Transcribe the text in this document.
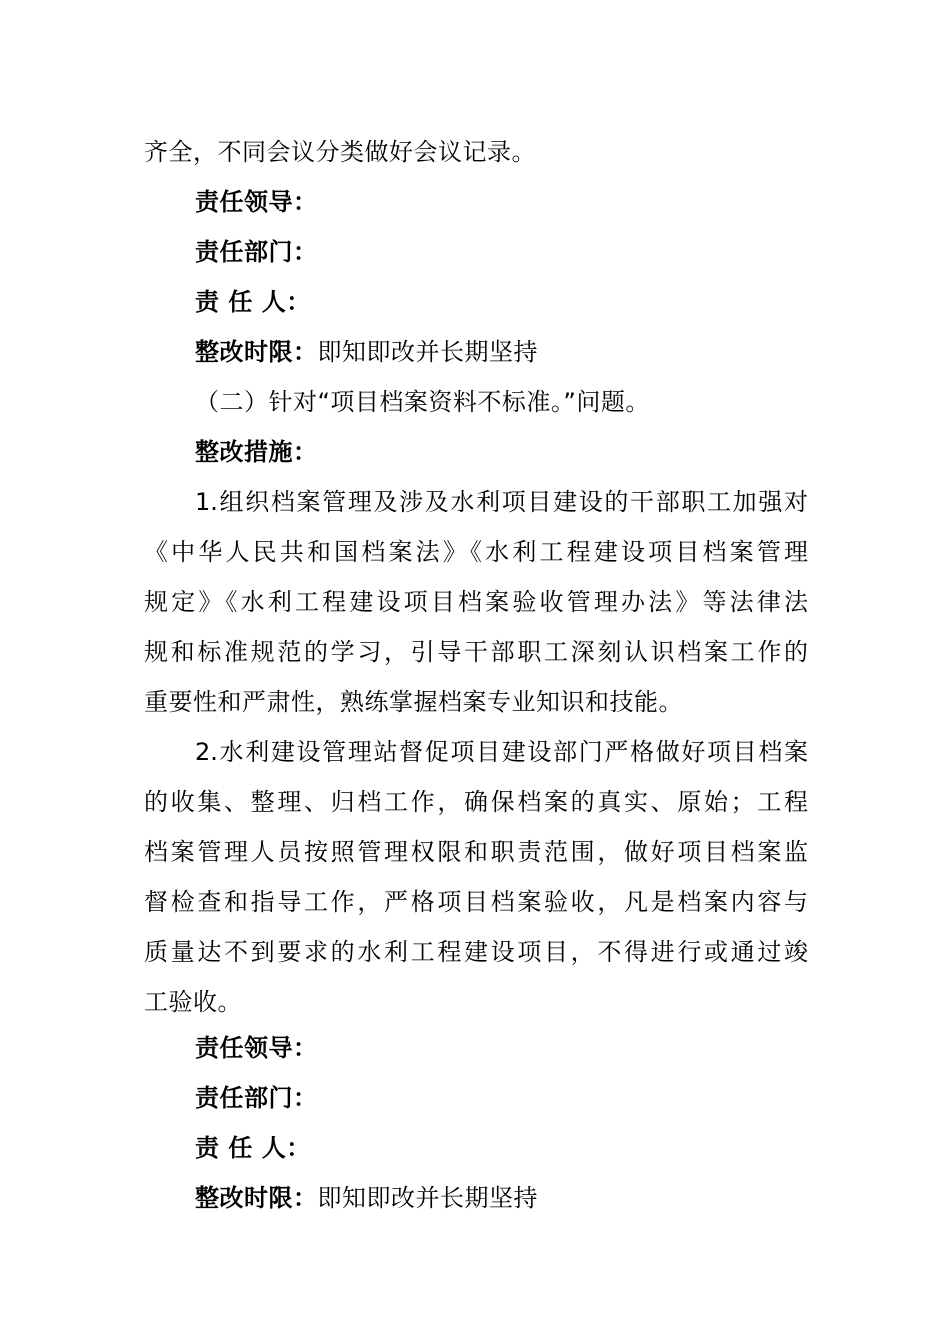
齐全，不同会议分类做好会议记录。
责任领导：
责任部门：
责 任 人：
整改时限：即知即改并长期坚持
（二）针对“项目档案资料不标准。”问题。
整改措施：
1.组织档案管理及涉及水利项目建设的干部职工加强对
《中华人民共和国档案法》《水利工程建设项目档案管理
规定》《水利工程建设项目档案验收管理办法》等法律法
规和标准规范的学习，引导干部职工深刻认识档案工作的
重要性和严肃性，熟练掌握档案专业知识和技能。
2.水利建设管理站督促项目建设部门严格做好项目档案
的收集、整理、归档工作，确保档案的真实、原始；工程
档案管理人员按照管理权限和职责范围，做好项目档案监
督检查和指导工作，严格项目档案验收，凡是档案内容与
质量达不到要求的水利工程建设项目，不得进行或通过竣
工验收。
责任领导：
责任部门：
责 任 人：
整改时限：即知即改并长期坚持
